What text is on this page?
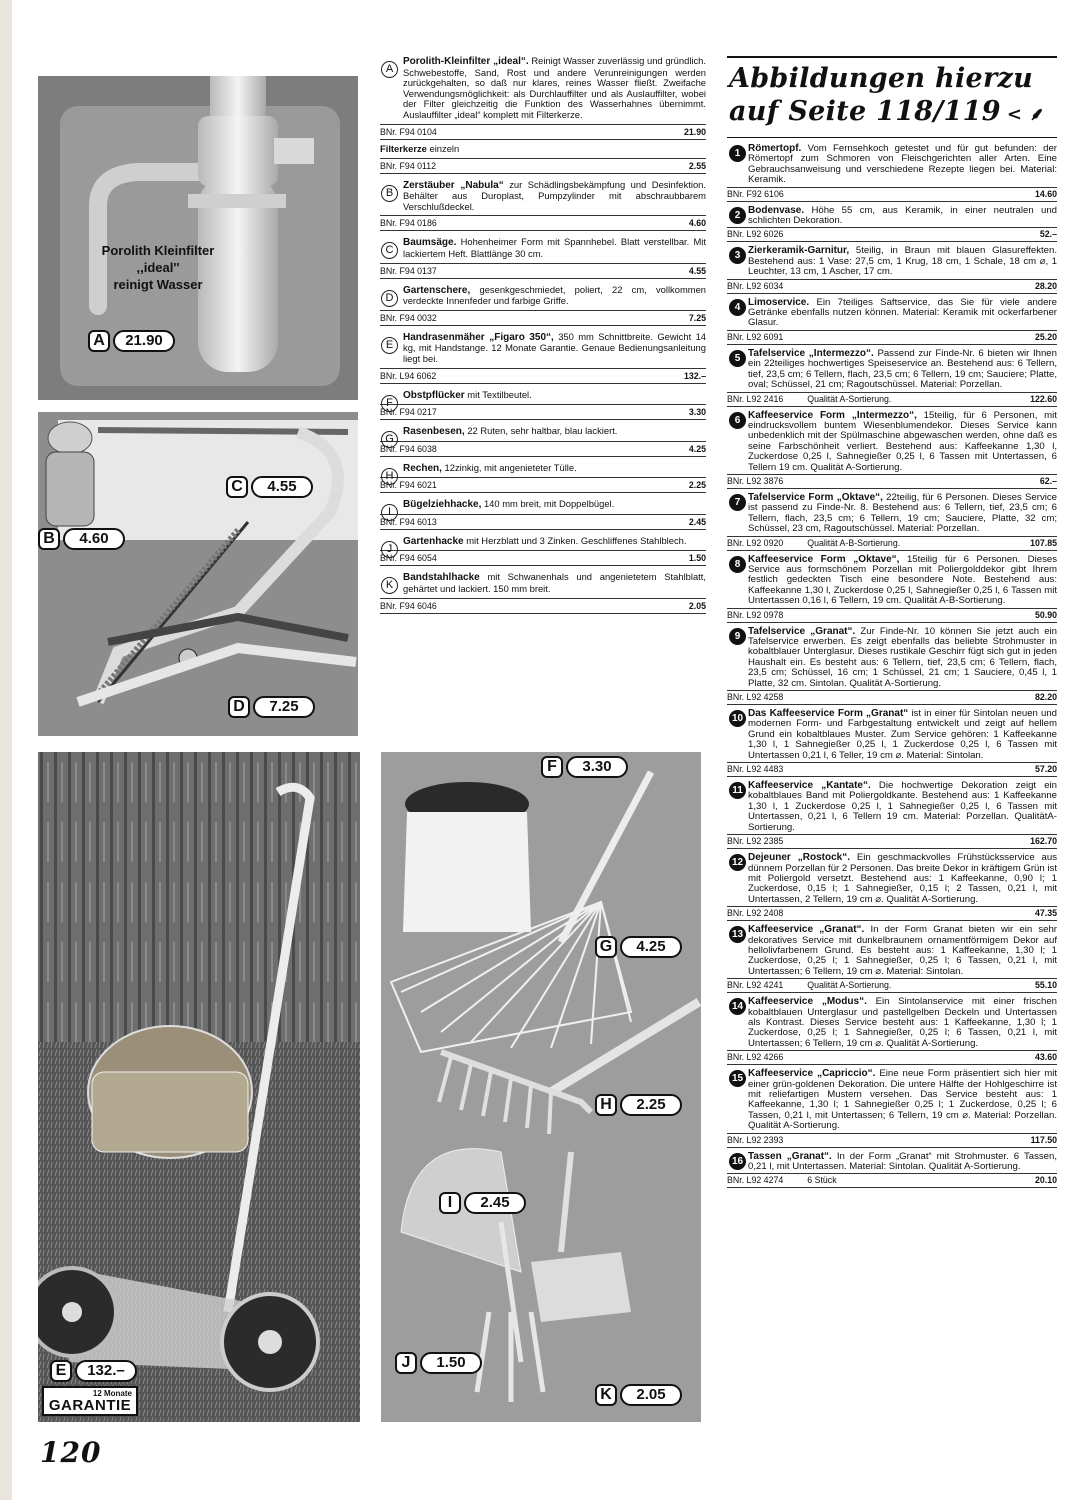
Porolith Kleinfilter
,,ideal''
reinigt Wasser
A	21.90
C	4.55
B	4.60
D	7.25
E	132.–
12 Monate
GARANTIE
F	3.30
G	4.25
H	2.25
I	2.45
J	1.50
K	2.05
A
Porolith-Kleinfilter „ideal“. Reinigt Wasser zuverlässig und gründlich. Schwebestoffe, Sand, Rost und andere Verunreinigungen werden zurückgehalten, so daß nur klares, reines Wasser fließt. Zweifache Verwendungsmöglichkeit: als Durchlauffilter und als Auslauffilter, wobei der Filter gleichzeitig die Funktion des Wasserhahnes übernimmt. Auslauffilter „ideal“ komplett mit Filterkerze.
BNr. F94 0104	21.90
Filterkerze einzeln
BNr. F94 0112	2.55
B
Zerstäuber „Nabula“ zur Schädlingsbekämpfung und Desinfektion. Behälter aus Duroplast, Pumpzylinder mit abschraubbarem Verschlußdeckel.
BNr. F94 0186	4.60
C
Baumsäge. Hohenheimer Form mit Spannhebel. Blatt verstellbar. Mit lackiertem Heft. Blattlänge 30 cm.
BNr. F94 0137	4.55
D
Gartenschere, gesenkgeschmiedet, poliert, 22 cm, vollkommen verdeckte Innenfeder und farbige Griffe.
BNr. F94 0032	7.25
E
Handrasenmäher „Figaro 350“, 350 mm Schnittbreite. Gewicht 14 kg, mit Handstange. 12 Monate Garantie. Genaue Bedienungsanleitung liegt bei.
BNr. L94 6062	132.–
F
Obstpflücker mit Textilbeutel.
BNr. F94 0217	3.30
G
Rasenbesen, 22 Ruten, sehr haltbar, blau lackiert.
BNr. F94 6038	4.25
H
Rechen, 12zinkig, mit angenieteter Tülle.
BNr. F94 6021	2.25
I
Bügelziehhacke, 140 mm breit, mit Doppelbügel.
BNr. F94 6013	2.45
J
Gartenhacke mit Herzblatt und 3 Zinken. Geschliffenes Stahlblech.
BNr. F94 6054	1.50
K
Bandstahlhacke mit Schwanenhals und angenietetem Stahlblatt, gehärtet und lackiert. 150 mm breit.
BNr. F94 6046	2.05
Abbildungen hierzu
auf Seite 118/119 < ⸙
1 Römertopf. Vom Fernsehkoch getestet und für gut befunden: der Römertopf zum Schmoren von Fleischgerichten aller Arten. Eine Gebrauchsanweisung und verschiedene Rezepte liegen bei. Material: Keramik.
BNr. F92 6106	14.60
2 Bodenvase. Höhe 55 cm, aus Keramik, in einer neutralen und schlichten Dekoration.
BNr. L92 6026	52.–
3 Zierkeramik-Garnitur, 5teilig, in Braun mit blauen Glasureffekten. Bestehend aus: 1 Vase: 27,5 cm, 1 Krug, 18 cm, 1 Schale, 18 cm ⌀, 1 Leuchter, 13 cm, 1 Ascher, 17 cm.
BNr. L92 6034	28.20
4 Limoservice. Ein 7teiliges Saftservice, das Sie für viele andere Getränke ebenfalls nutzen können. Material: Keramik mit ockerfarbener Glasur.
BNr. L92 6091	25.20
5 Tafelservice „Intermezzo“. Passend zur Finde-Nr. 6 bieten wir Ihnen ein 22teiliges hochwertiges Speiseservice an. Bestehend aus: 6 Tellern, tief, 23,5 cm; 6 Tellern, flach, 23,5 cm; 6 Tellern, 19 cm; Sauciere; Platte, oval; Schüssel, 21 cm; Ragoutschüssel. Material: Porzellan.
BNr. L92 2416	Qualität A-Sortierung.	122.60
6 Kaffeeservice Form „Intermezzo“, 15teilig, für 6 Personen, mit eindrucksvollem buntem Wiesenblumendekor. Dieses Service kann unbedenklich mit der Spülmaschine abgewaschen werden, ohne daß es seine Farbschönheit verliert. Bestehend aus: Kaffeekanne 1,30 l, Zuckerdose 0,25 l, Sahnegießer 0,25 l, 6 Tassen mit Untertassen, 6 Tellern 19 cm. Qualität A-Sortierung.
BNr. L92 3876	62.–
7 Tafelservice Form „Oktave“, 22teilig, für 6 Personen. Dieses Service ist passend zu Finde-Nr. 8. Bestehend aus: 6 Tellern, tief, 23,5 cm; 6 Tellern, flach, 23,5 cm; 6 Tellern, 19 cm; Sauciere, Platte, 32 cm; Schüssel, 23 cm, Ragoutschüssel. Material: Porzellan.
BNr. L92 0920	Qualität A-B-Sortierung.	107.85
8 Kaffeeservice Form „Oktave“, 15teilig für 6 Personen. Dieses Service aus formschönem Porzellan mit Poliergolddekor gibt Ihrem festlich gedeckten Tisch eine besondere Note. Bestehend aus: Kaffeekanne 1,30 l, Zuckerdose 0,25 l, Sahnegießer 0,25 l, 6 Tassen mit Untertassen 0,16 l, 6 Tellern, 19 cm. Qualität A-B-Sortierung.
BNr. L92 0978	50.90
9 Tafelservice „Granat“. Zur Finde-Nr. 10 können Sie jetzt auch ein Tafelservice erwerben. Es zeigt ebenfalls das beliebte Strohmuster in kobaltblauer Unterglasur. Dieses rustikale Geschirr fügt sich gut in jeden Haushalt ein. Es besteht aus: 6 Tellern, tief, 23,5 cm; 6 Tellern, flach, 23,5 cm; Schüssel, 16 cm; 1 Schüssel, 21 cm; 1 Sauciere, 0,45 l, 1 Platte, 32 cm. Sintolan. Qualität A-Sortierung.
BNr. L92 4258	82.20
10 Das Kaffeeservice Form „Granat“ ist in einer für Sintolan neuen und modernen Form- und Farbgestaltung entwickelt und zeigt auf hellem Grund ein kobaltblaues Muster. Zum Service gehören: 1 Kaffeekanne 1,30 l, 1 Sahnegießer 0,25 l, 1 Zuckerdose 0,25 l, 6 Tassen mit Untertassen 0,21 l, 6 Teller, 19 cm ⌀. Material: Sintolan.
BNr. L92 4483	57.20
11 Kaffeeservice „Kantate“. Die hochwertige Dekoration zeigt ein kobaltblaues Band mit Poliergoldkante. Bestehend aus: 1 Kaffeekanne 1,30 l, 1 Zuckerdose 0,25 l, 1 Sahnegießer 0,25 l, 6 Tassen mit Untertassen, 0,21 l, 6 Tellern 19 cm. Material: Porzellan. QualitätA-Sortierung.
BNr. L92 2385	162.70
12 Dejeuner „Rostock“. Ein geschmackvolles Frühstücksservice aus dünnem Porzellan für 2 Personen. Das breite Dekor in kräftigem Grün ist mit Poliergold versetzt. Bestehend aus: 1 Kaffeekanne, 0,90 l; 1 Zuckerdose, 0,15 l; 1 Sahnegießer, 0,15 l; 2 Tassen, 0,21 l, mit Untertassen, 2 Tellern, 19 cm ⌀. Qualität A-Sortierung.
BNr. L92 2408	47.35
13 Kaffeeservice „Granat“. In der Form Granat bieten wir ein sehr dekoratives Service mit dunkelbraunem ornamentförmigem Dekor auf hellolivfarbenem Grund. Es besteht aus: 1 Kaffeekanne, 1,30 l; 1 Zuckerdose, 0,25 l; 1 Sahnegießer, 0,25 l; 6 Tassen, 0,21 l, mit Untertassen; 6 Tellern, 19 cm ⌀. Material: Sintolan.
BNr. L92 4241	Qualität A-Sortierung.	55.10
14 Kaffeeservice „Modus“. Ein Sintolanservice mit einer frischen kobaltblauen Unterglasur und pastellgelben Deckeln und Untertassen als Kontrast. Dieses Service besteht aus: 1 Kaffeekanne, 1,30 l; 1 Zuckerdose, 0,25 l; 1 Sahnegießer, 0,25 l; 6 Tassen, 0,21 l, mit Untertassen; 6 Tellern, 19 cm ⌀. Qualität A-Sortierung.
BNr. L92 4266	43.60
15 Kaffeeservice „Capriccio“. Eine neue Form präsentiert sich hier mit einer grün-goldenen Dekoration. Die untere Hälfte der Hohlgeschirre ist mit reliefartigen Mustern versehen. Das Service besteht aus: 1 Kaffeekanne, 1,30 l; 1 Sahnegießer 0,25 l; 1 Zuckerdose, 0,25 l; 6 Tassen, 0,21 l, mit Untertassen; 6 Tellern, 19 cm ⌀. Material: Porzellan. Qualität A-Sortierung.
BNr. L92 2393	117.50
16 Tassen „Granat“. In der Form „Granat“ mit Strohmuster. 6 Tassen, 0,21 l, mit Untertassen. Material: Sintolan. Qualität A-Sortierung.
BNr. L92 4274	6 Stück	20.10
120
